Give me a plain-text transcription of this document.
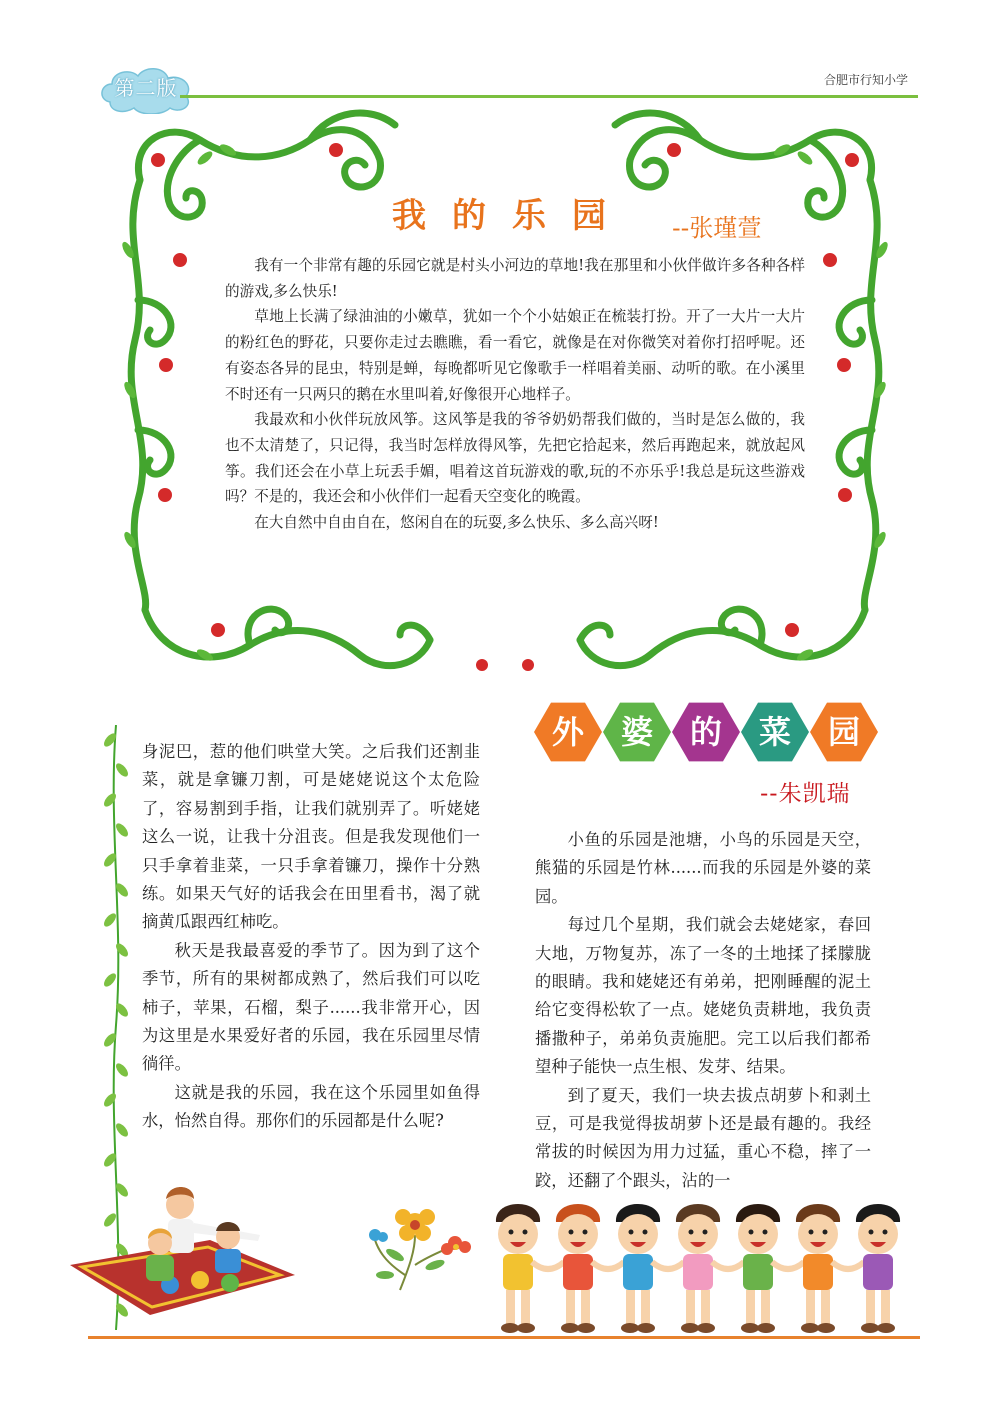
第二版	合肥市行知小学
我的乐园 --张瑾萱

我有一个非常有趣的乐园它就是村头小河边的草地!我在那里和小伙伴做许多各种各样的游戏,多么快乐!

草地上长满了绿油油的小嫩草，犹如一个个小姑娘正在梳装打扮。开了一大片一大片的粉红色的野花，只要你走过去瞧瞧，看一看它，就像是在对你微笑对着你打招呼呢。还有姿态各异的昆虫，特别是蝉，每晚都听见它像歌手一样唱着美丽、动听的歌。在小溪里不时还有一只两只的鹅在水里叫着,好像很开心地样子。

我最欢和小伙伴玩放风筝。这风筝是我的爷爷奶奶帮我们做的，当时是怎么做的，我也不太清楚了，只记得，我当时怎样放得风筝，先把它拾起来，然后再跑起来，就放起风筝。我们还会在小草上玩丢手媚，唱着这首玩游戏的歌,玩的不亦乐乎!我总是玩这些游戏吗？不是的，我还会和小伙伴们一起看天空变化的晚霞。

在大自然中自由自在，悠闲自在的玩耍,多么快乐、多么高兴呀!

身泥巴，惹的他们哄堂大笑。之后我们还割韭菜，就是拿镰刀割，可是姥姥说这个太危险了，容易割到手指，让我们就别弄了。听姥姥这么一说，让我十分沮丧。但是我发现他们一只手拿着韭菜，一只手拿着镰刀，操作十分熟练。如果天气好的话我会在田里看书，渴了就摘黄瓜跟西红柿吃。

秋天是我最喜爱的季节了。因为到了这个季节，所有的果树都成熟了，然后我们可以吃柿子，苹果，石榴，梨子......我非常开心，因为这里是水果爱好者的乐园，我在乐园里尽情徜徉。

这就是我的乐园，我在这个乐园里如鱼得水，怡然自得。那你们的乐园都是什么呢?

外 婆 的 菜 园
--朱凯瑞

小鱼的乐园是池塘，小鸟的乐园是天空，熊猫的乐园是竹林......而我的乐园是外婆的菜园。

每过几个星期，我们就会去姥姥家，春回大地，万物复苏，冻了一冬的土地揉了揉朦胧的眼睛。我和姥姥还有弟弟，把刚睡醒的泥土给它变得松软了一点。姥姥负责耕地，我负责播撒种子，弟弟负责施肥。完工以后我们都希望种子能快一点生根、发芽、结果。

到了夏天，我们一块去拔点胡萝卜和剥土豆，可是我觉得拔胡萝卜还是最有趣的。我经常拔的时候因为用力过猛，重心不稳，摔了一跤，还翻了个跟头，沾的一
